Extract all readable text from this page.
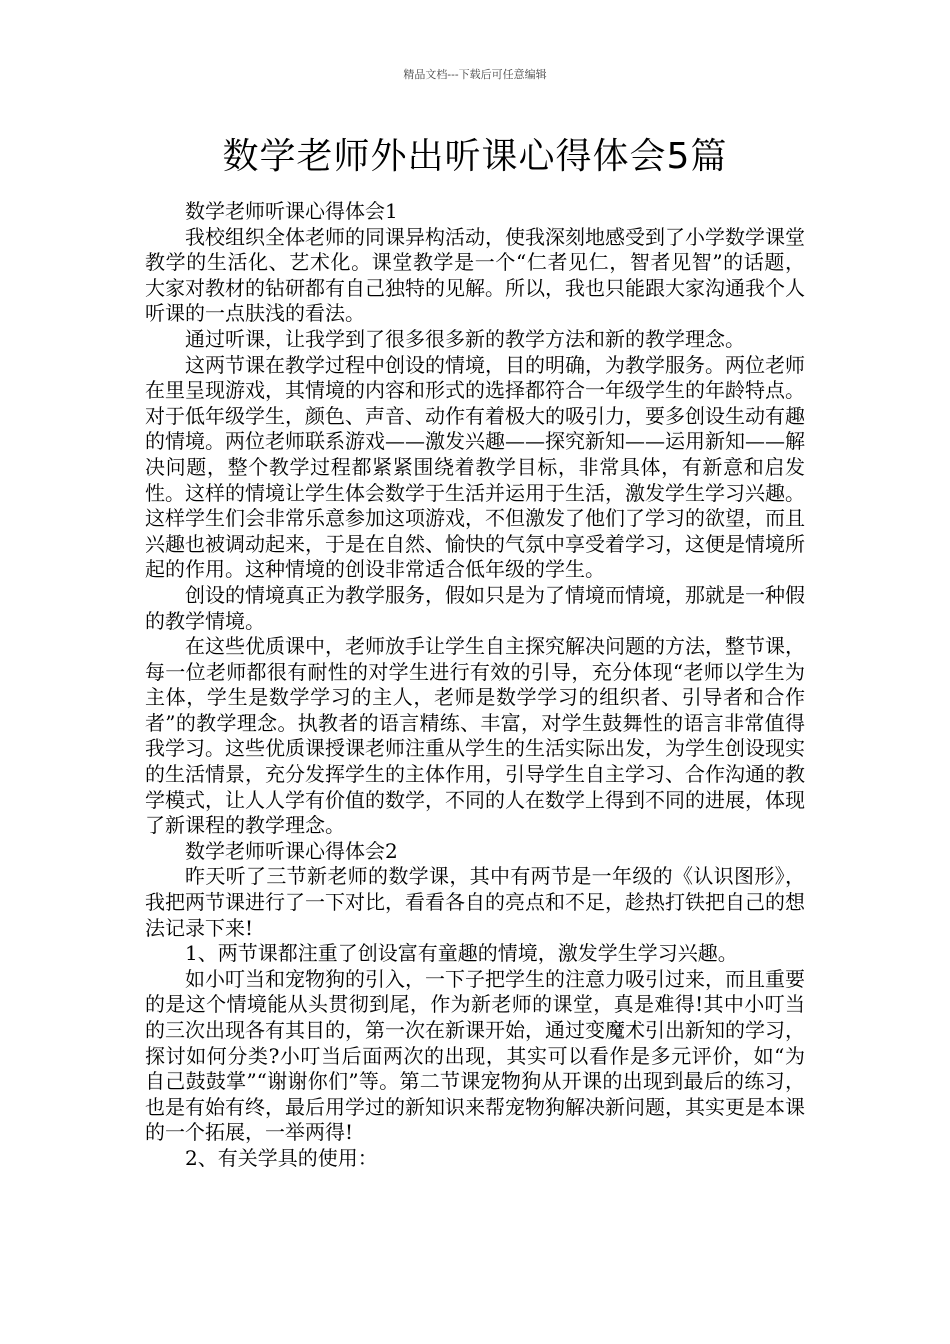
精品文档---下载后可任意编辑
数学老师外出听课心得体会5篇

数学老师听课心得体会1

我校组织全体老师的同课异构活动，使我深刻地感受到了小学数学课堂教学的生活化、艺术化。课堂教学是一个“仁者见仁，智者见智”的话题，大家对教材的钻研都有自己独特的见解。所以，我也只能跟大家沟通我个人听课的一点肤浅的看法。

通过听课，让我学到了很多很多新的教学方法和新的教学理念。

这两节课在教学过程中创设的情境，目的明确，为教学服务。两位老师在里呈现游戏，其情境的内容和形式的选择都符合一年级学生的年龄特点。对于低年级学生，颜色、声音、动作有着极大的吸引力，要多创设生动有趣的情境。两位老师联系游戏——激发兴趣——探究新知——运用新知——解决问题，整个教学过程都紧紧围绕着教学目标，非常具体，有新意和启发性。这样的情境让学生体会数学于生活并运用于生活，激发学生学习兴趣。这样学生们会非常乐意参加这项游戏，不但激发了他们了学习的欲望，而且兴趣也被调动起来，于是在自然、愉快的气氛中享受着学习，这便是情境所起的作用。这种情境的创设非常适合低年级的学生。

创设的情境真正为教学服务，假如只是为了情境而情境，那就是一种假的教学情境。

在这些优质课中，老师放手让学生自主探究解决问题的方法，整节课，每一位老师都很有耐性的对学生进行有效的引导，充分体现“老师以学生为主体，学生是数学学习的主人，老师是数学学习的组织者、引导者和合作者”的教学理念。执教者的语言精练、丰富，对学生鼓舞性的语言非常值得我学习。这些优质课授课老师注重从学生的生活实际出发，为学生创设现实的生活情景，充分发挥学生的主体作用，引导学生自主学习、合作沟通的教学模式，让人人学有价值的数学，不同的人在数学上得到不同的进展，体现了新课程的教学理念。

数学老师听课心得体会2

昨天听了三节新老师的数学课，其中有两节是一年级的《认识图形》，我把两节课进行了一下对比，看看各自的亮点和不足，趁热打铁把自己的想法记录下来!

1、两节课都注重了创设富有童趣的情境，激发学生学习兴趣。

如小叮当和宠物狗的引入，一下子把学生的注意力吸引过来，而且重要的是这个情境能从头贯彻到尾，作为新老师的课堂，真是难得!其中小叮当的三次出现各有其目的，第一次在新课开始，通过变魔术引出新知的学习，探讨如何分类?小叮当后面两次的出现，其实可以看作是多元评价，如“为自己鼓鼓掌”“谢谢你们”等。第二节课宠物狗从开课的出现到最后的练习，也是有始有终，最后用学过的新知识来帮宠物狗解决新问题，其实更是本课的一个拓展，一举两得!

2、有关学具的使用：
